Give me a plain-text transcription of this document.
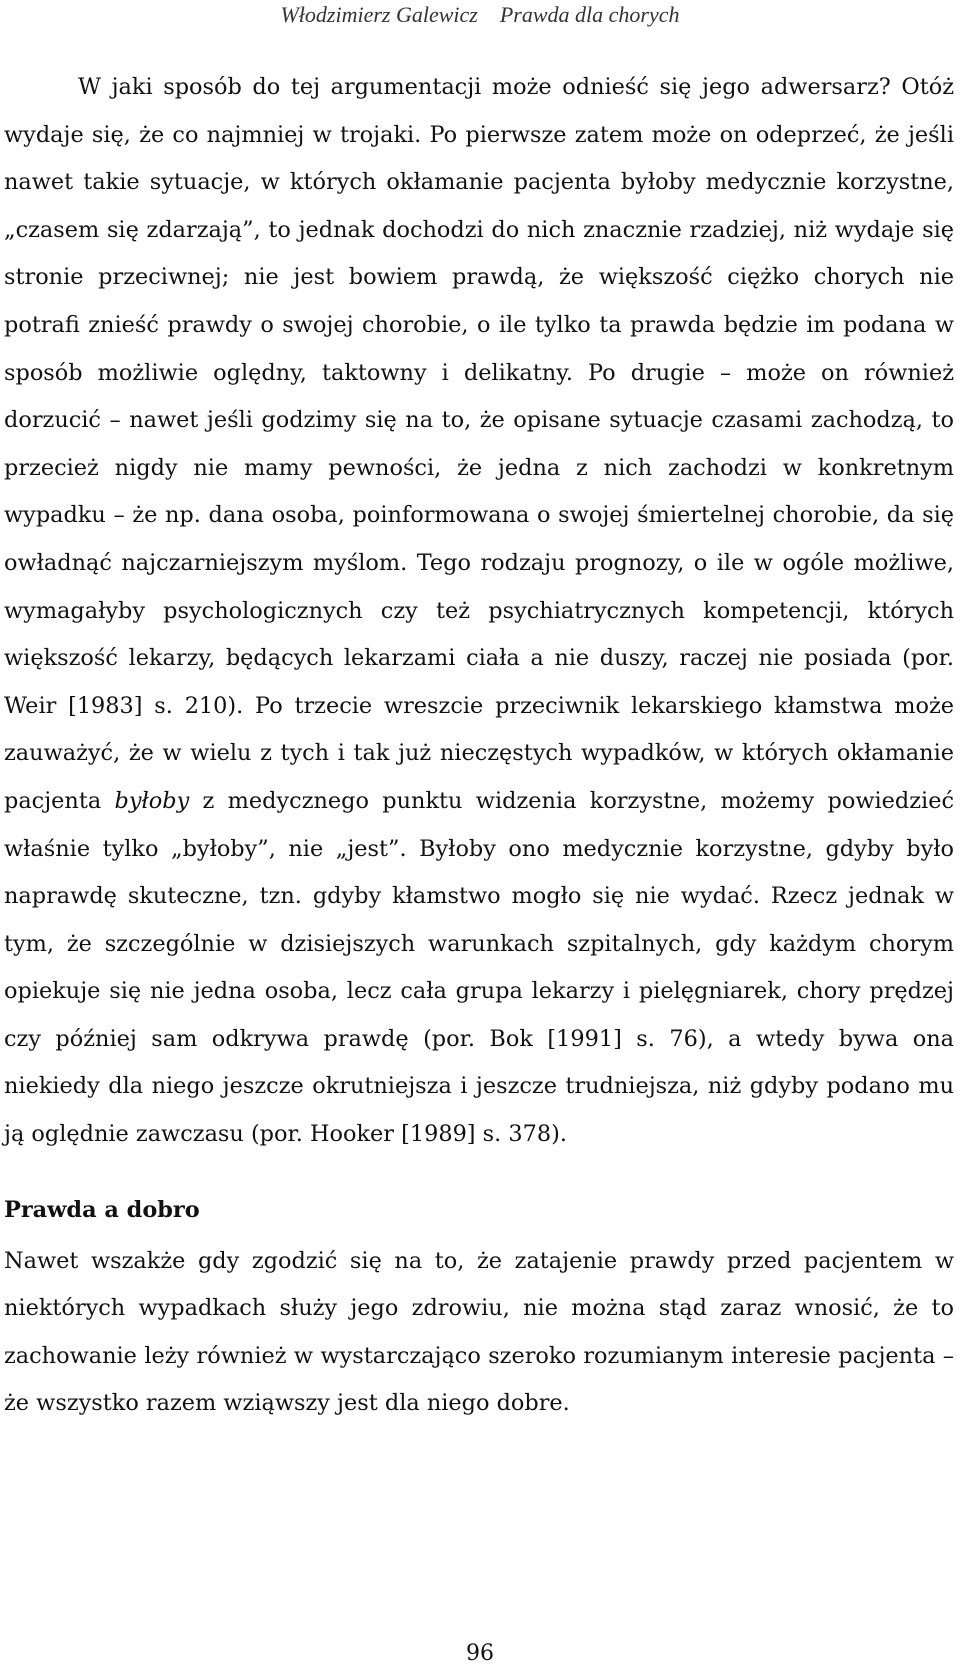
Włodzimierz Galewicz Prawda dla chorych

W jaki sposób do tej argumentacji może odnieść się jego adwersarz? Otóż wydaje się, że co najmniej w trojaki. Po pierwsze zatem może on odeprzeć, że jeśli nawet takie sytuacje, w których okłamanie pacjenta byłoby medycznie korzystne, „czasem się zdarzają”, to jednak dochodzi do nich znacznie rzadziej, niż wydaje się stronie przeciwnej; nie jest bowiem prawdą, że większość ciężko chorych nie potrafi znieść prawdy o swojej chorobie, o ile tylko ta prawda będzie im podana w sposób możliwie oględny, taktowny i delikatny. Po drugie – może on również dorzucić – nawet jeśli godzimy się na to, że opisane sytuacje czasami zachodzą, to przecież nigdy nie mamy pewności, że jedna z nich zachodzi w konkretnym wypadku – że np. dana osoba, poinformowana o swojej śmiertelnej chorobie, da się owładnąć najczarniejszym myślom. Tego rodzaju prognozy, o ile w ogóle możliwe, wymagałyby psychologicznych czy też psychiatrycznych kompetencji, których większość lekarzy, będących lekarzami ciała a nie duszy, raczej nie posiada (por. Weir [1983] s. 210). Po trzecie wreszcie przeciwnik lekarskiego kłamstwa może zauważyć, że w wielu z tych i tak już nieczęstych wypadków, w których okłamanie pacjenta byłoby z medycznego punktu widzenia korzystne, możemy powiedzieć właśnie tylko „byłoby”, nie „jest”. Byłoby ono medycznie korzystne, gdyby było naprawdę skuteczne, tzn. gdyby kłamstwo mogło się nie wydać. Rzecz jednak w tym, że szczególnie w dzisiejszych warunkach szpitalnych, gdy każdym chorym opiekuje się nie jedna osoba, lecz cała grupa lekarzy i pielęgniarek, chory prędzej czy później sam odkrywa prawdę (por. Bok [1991] s. 76), a wtedy bywa ona niekiedy dla niego jeszcze okrutniejsza i jeszcze trudniejsza, niż gdyby podano mu ją oględnie zawczasu (por. Hooker [1989] s. 378).

Prawda a dobro

Nawet wszakże gdy zgodzić się na to, że zatajenie prawdy przed pacjentem w niektórych wypadkach służy jego zdrowiu, nie można stąd zaraz wnosić, że to zachowanie leży również w wystarczająco szeroko rozumianym interesie pacjenta – że wszystko razem wziąwszy jest dla niego dobre.

96
